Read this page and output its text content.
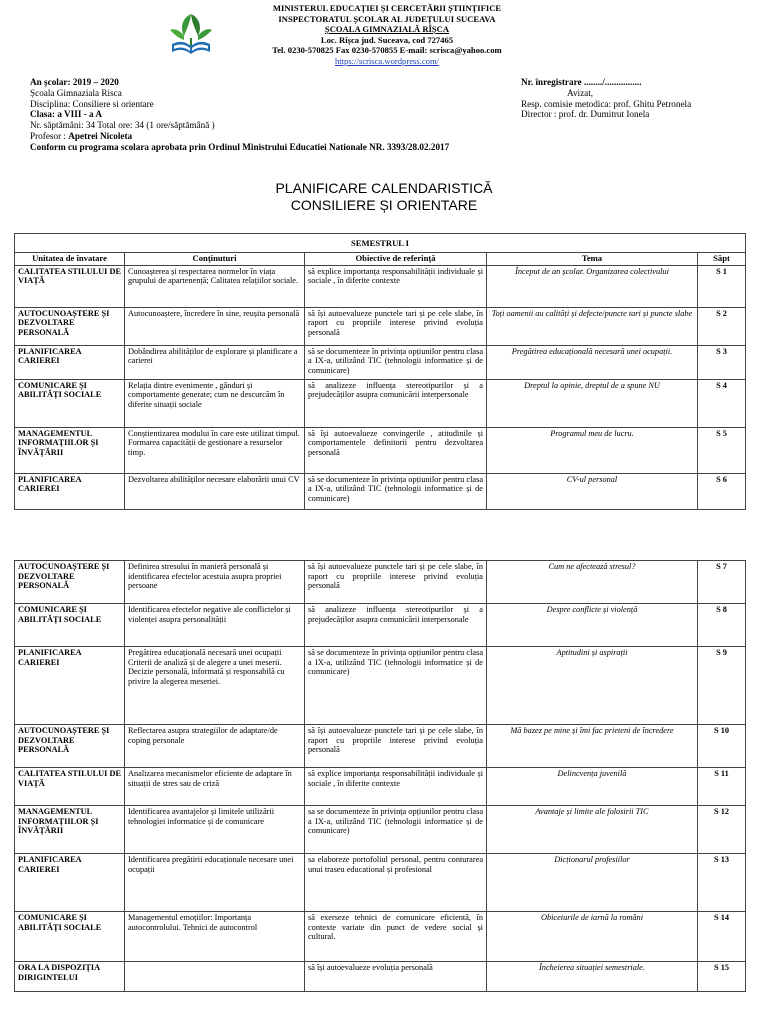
MINISTERUL EDUCAȚIEI ȘI CERCETĂRII ȘTIINȚIFICE
INSPECTORATUL ȘCOLAR AL JUDEȚULUI SUCEAVA
ȘCOALA GIMNAZIALĂ RÎȘCA
Loc. Rîșca jud. Suceava, cod 727465
Tel. 0230-570825 Fax 0230-570855 E-mail: scrisca@yahoo.com
https://scrisca.wordpress.com/
An școlar: 2019 – 2020
Școala Gimnaziala Risca
Disciplina: Consiliere si orientare
Clasa: a VIII - a A
Nr. săptămâni: 34 Total ore: 34 (1 ore/săptămână )
Profesor : Apetrei Nicoleta
Conform cu programa scolara aprobata prin Ordinul Ministrului Educatiei Nationale NR. 3393/28.02.2017
Nr. înregistrare ......../................
Avizat,
Resp. comisie metodica: prof. Ghitu Petronela
Director : prof. dr. Dumitrut Ionela
PLANIFICARE CALENDARISTICĂ
CONSILIERE ȘI ORIENTARE
SEMESTRUL I				
Unitatea de învatare	Conținuturi	Obiective de referință	Tema	Săpt
CALITATEA STILULUI DE VIAȚĂ	Cunoașterea și respectarea normelor în viața grupului de apartenență; Calitatea relațiilor sociale.	să explice importanța responsabilității individuale și sociale , în diferite contexte	Început de an școlar. Organizarea colectivului	S 1
AUTOCUNOAȘTERE ȘI DEZVOLTARE PERSONALĂ	Autocunoaștere, încredere în sine, reușita personală	să își autoevalueze punctele tari și pe cele slabe, în raport cu propriile interese privind evoluția personală	Toți oamenii au calități și defecte/puncte tari și puncte slabe	S 2
PLANIFICAREA CARIEREI	Dobândirea abilităților de explorare și planificare a carierei	să se documenteze în privința opțiunilor pentru clasa a IX-a, utilizând TIC (tehnologii informatice și de comunicare)	Pregătirea educațională necesară unei ocupații.	S 3
COMUNICARE ȘI ABILITĂȚI SOCIALE	Relația dintre evenimente , gânduri și comportamente generate; cum ne descurcăm în diferite situații sociale	să analizeze influența stereotipurilor și a prejudecăților asupra comunicării interpersonale	Dreptul la opinie, dreptul de a spune NU	S 4
MANAGEMENTUL INFORMAȚIILOR ȘI ÎNVĂȚĂRII	Conștientizarea modului în care este utilizat timpul. Formarea capacității de gestionare a resurselor timp.	să își autoevalueze convingerile , atitudinile și comportamentele definitorii pentru dezvoltarea personală	Programul meu de lucru.	S 5
PLANIFICAREA CARIEREI	Dezvoltarea abilităților necesare elaborării unui CV	să se documenteze în privința opțiunilor pentru clasa a IX-a, utilizând TIC (tehnologii informatice și de comunicare)	CV-ul personal	S 6
AUTOCUNOAȘTERE ȘI DEZVOLTARE PERSONALĂ	Definirea stresului în manieră personală și identificarea efectelor acestuia asupra propriei persoane	să își autoevalueze punctele tari și pe cele slabe, în raport cu propriile interese privind evoluția personală	Cum ne afectează stresul?	S 7
COMUNICARE ȘI ABILITĂȚI SOCIALE	Identificarea efectelor negative ale conflictelor și violenței asupra personalității	să analizeze influența stereotipurilor și a prejudecăților asupra comunicării interpersonale	Despre conflicte și violență	S 8
PLANIFICAREA CARIEREI	Pregătirea educațională necesară unei ocupații Criterii de analiză și de alegere a unei meserii. Decizie personală, informată și responsabilă cu privire la alegerea meseriei.	să se documenteze în privința opțiunilor pentru clasa a IX-a, utilizând TIC (tehnologii informatice și de comunicare)	Aptitudini și aspirații	S 9
AUTOCUNOAȘTERE ȘI DEZVOLTARE PERSONALĂ	Reflectarea asupra strategiilor de adaptare/de coping personale	să își autoevalueze punctele tari și pe cele slabe, în raport cu propriile interese privind evoluția personală	Mă bazez pe mine și îmi fac prieteni de încredere	S 10
CALITATEA STILULUI DE VIAȚĂ	Analizarea mecanismelor eficiente de adaptare în situații de stres sau de criză	să explice importanța responsabilității individuale și sociale , în diferite contexte	Delincvența juvenilă	S 11
MANAGEMENTUL INFORMAȚIILOR ȘI ÎNVĂȚĂRII	Identificarea avantajelor și limitele utilizării tehnologiei informatice și de comunicare	sa se documenteze în privința opțiunilor pentru clasa a IX-a, utilizând TIC (tehnologii informatice și de comunicare)	Avantaje și limite ale folosirii TIC	S 12
PLANIFICAREA CARIEREI	Identificarea pregătirii educaționale necesare unei ocupații	sa elaboreze portofoliul personal, pentru conturarea unui traseu educational și profesional	Dicționarul profesiilor	S 13
COMUNICARE ȘI ABILITĂȚI SOCIALE	Managementul emoțiilor: Importanța autocontrolului. Tehnici de autocontrol	să exerseze tehnici de comunicare eficientă, în contexte variate din punct de vedere social și cultural.	Obiceiurile de iarnă la români	S 14
ORA LA DISPOZIȚIA DIRIGINTELUI		să își autoevalueze evoluția personală	Încheierea situației semestriale.	S 15
